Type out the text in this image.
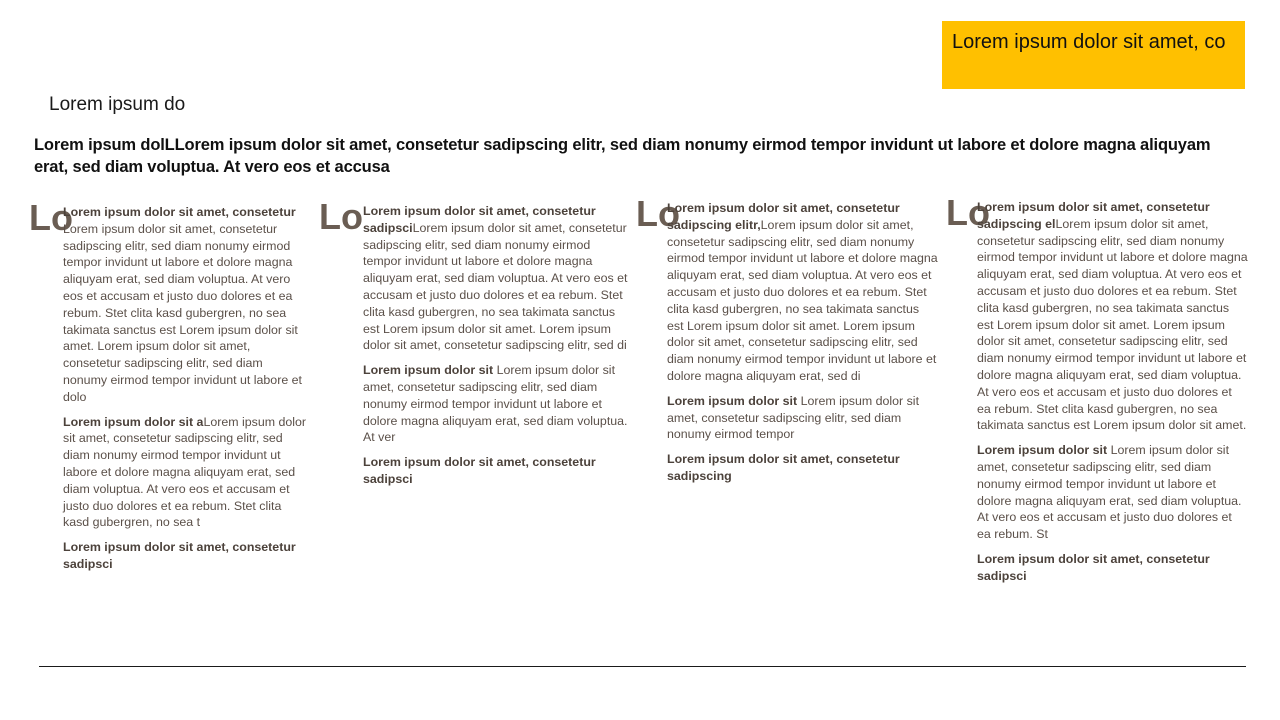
Lorem ipsum dolor sit amet, co
Lorem ipsum do
Lorem ipsum dolLLorem ipsum dolor sit amet, consetetur sadipscing elitr, sed diam nonumy eirmod tempor invidunt ut labore et dolore magna aliquyam erat, sed diam voluptua. At vero eos et accusa
Lo

Lorem ipsum dolor sit amet, consetetur Lorem ipsum dolor sit amet, consetetur sadipscing elitr, sed diam nonumy eirmod tempor invidunt ut labore et dolore magna aliquyam erat, sed diam voluptua. At vero eos et accusam et justo duo dolores et ea rebum. Stet clita kasd gubergren, no sea takimata sanctus est Lorem ipsum dolor sit amet. Lorem ipsum dolor sit amet, consetetur sadipscing elitr, sed diam nonumy eirmod tempor invidunt ut labore et dolo

Lorem ipsum dolor sit aLorem ipsum dolor sit amet, consetetur sadipscing elitr, sed diam nonumy eirmod tempor invidunt ut labore et dolore magna aliquyam erat, sed diam voluptua. At vero eos et accusam et justo duo dolores et ea rebum. Stet clita kasd gubergren, no sea t

Lorem ipsum dolor sit amet, consetetur sadipsci

Lo Lorem ipsum dolor sit amet, consetetur sadipsciLorem ipsum dolor sit amet, consetetur sadipscing elitr, sed diam nonumy eirmod tempor invidunt ut labore et dolore magna aliquyam erat, sed diam voluptua. At vero eos et accusam et justo duo dolores et ea rebum. Stet clita kasd gubergren, no sea takimata sanctus est Lorem ipsum dolor sit amet. Lorem ipsum dolor sit amet, consetetur sadipscing elitr, sed di

Lorem ipsum dolor sit Lorem ipsum dolor sit amet, consetetur sadipscing elitr, sed diam nonumy eirmod tempor invidunt ut labore et dolore magna aliquyam erat, sed diam voluptua. At ver

Lorem ipsum dolor sit amet, consetetur sadipsci

Lo

Lorem ipsum dolor sit amet, consetetur sadipscing elitr,Lorem ipsum dolor sit amet, consetetur sadipscing elitr, sed diam nonumy eirmod tempor invidunt ut labore et dolore magna aliquyam erat, sed diam voluptua. At vero eos et accusam et justo duo dolores et ea rebum. Stet clita kasd gubergren, no sea takimata sanctus est Lorem ipsum dolor sit amet. Lorem ipsum dolor sit amet, consetetur sadipscing elitr, sed diam nonumy eirmod tempor invidunt ut labore et dolore magna aliquyam erat, sed di

Lorem ipsum dolor sit Lorem ipsum dolor sit amet, consetetur sadipscing elitr, sed diam nonumy eirmod tempor

Lorem ipsum dolor sit amet, consetetur sadipscing

Lo

Lorem ipsum dolor sit amet, consetetur sadipscing elLorem ipsum dolor sit amet, consetetur sadipscing elitr, sed diam nonumy eirmod tempor invidunt ut labore et dolore magna aliquyam erat, sed diam voluptua. At vero eos et accusam et justo duo dolores et ea rebum. Stet clita kasd gubergren, no sea takimata sanctus est Lorem ipsum dolor sit amet. Lorem ipsum dolor sit amet, consetetur sadipscing elitr, sed diam nonumy eirmod tempor invidunt ut labore et dolore magna aliquyam erat, sed diam voluptua. At vero eos et accusam et justo duo dolores et ea rebum. Stet clita kasd gubergren, no sea takimata sanctus est Lorem ipsum dolor sit amet.

Lorem ipsum dolor sit Lorem ipsum dolor sit amet, consetetur sadipscing elitr, sed diam nonumy eirmod tempor invidunt ut labore et dolore magna aliquyam erat, sed diam voluptua. At vero eos et accusam et justo duo dolores et ea rebum. St

Lorem ipsum dolor sit amet, consetetur sadipsci
